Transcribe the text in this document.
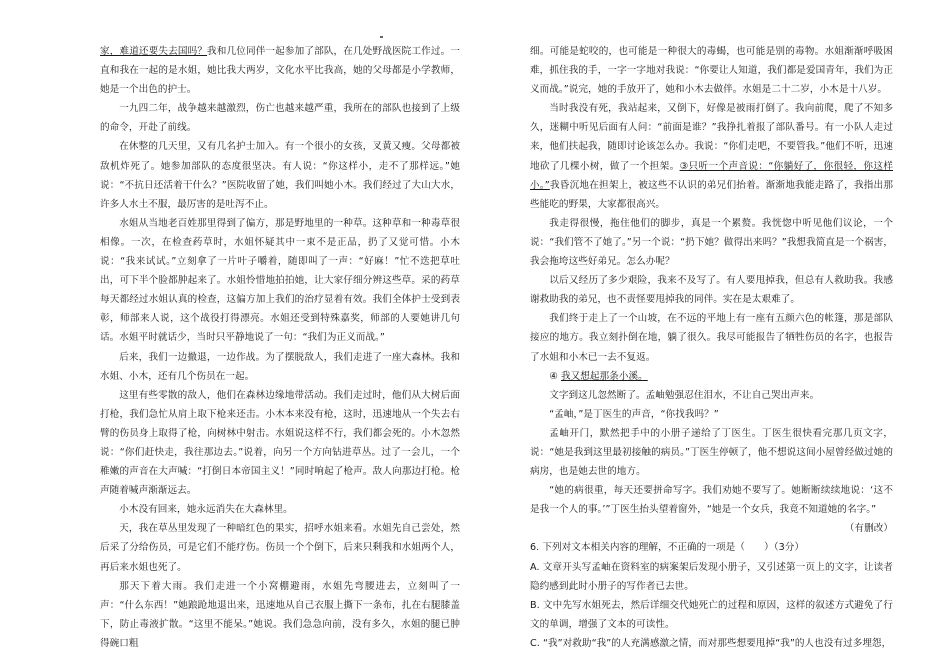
家，难道还要失去国吗？我和几位同伴一起参加了部队，在几处野战医院工作过。一直和我在一起的是水姐，她比我大两岁，文化水平比我高，她的父母都是小学教师，她是一个出色的护士。

一九四二年，战争越来越激烈，伤亡也越来越严重，我所在的部队也接到了上级的命令，开赴了前线。

在休整的几天里，又有几名护士加入。有一个很小的女孩，叉黄又瘦。父母都被敌机炸死了。她参加部队的态度很坚决。有人说：“你这样小，走不了那样远。”她说：“不抗日还活着干什么？”医院收留了她，我们叫她小木。我们经过了大山大水，许多人水土不服，最厉害的是吐泻不止。

水姐从当地老百姓那里得到了偏方，那是野地里的一种草。这种草和一种毒草很相像。一次，在检查药草时，水姐怀疑其中一束不是正品，扔了又觉可惜。小木说：“我来试试。”立刻拿了一片叶子嚼着，随即叫了一声：“好麻！”忙不迭把草吐出，可下半个脸都肿起来了。水姐怜惜地拍拍她，让大家仔细分辨这些草。采的药草每天都经过水姐认真的检查，这偏方加上我们的治疗显着有效。我们全体护士受到表彰，师部来人说，这个战役打得漂亮。水姐还受到特殊嘉奖，师部的人要她讲几句话。水姐平时就话少，当时只平静地说了一句：“我们为正义而战。”

后来，我们一边撤退，一边作战。为了摆脱敌人，我们走进了一座大森林。我和水姐、小木，还有几个伤员在一起。

这里有些零散的敌人，他们在森林边缘地带活动。我们走过时，他们从大树后面打枪，我们急忙从肩上取下枪来还击。小木本来没有枪，这时，迅速地从一个失去右臂的伤员身上取得了枪，向树林中射击。水姐说这样不行，我们都会死的。小木忽然说：“你们赶快走，我往那边去。”说着，向另一个方向钻进草丛。过了一会儿，一个稚嫩的声音在大声喊：“打倒日本帝国主义！”同时响起了枪声。敌人向那边打枪。枪声随着喊声渐渐远去。

小木没有回来，她永远消失在大森林里。

天，我在草丛里发现了一种暗红色的果实，招呼水姐来看。水姐先自己尝处，然后采了分给伤员，可是它们不能疗伤。伤员一个个倒下，后来只剩我和水姐两个人，再后来水姐也死了。

那天下着大雨。我们走进一个小窝棚避雨，水姐先弯腰进去，立刻叫了一声：“什么东西！”她踉跄地退出来，迅速地从自己衣服上撕下一条布，扎在右腿膝盖下，防止毒液扩散。“这里不能呆。”她说。我们急急向前，没有多久，水姐的腿已肿得碗口粗

细。可能是蛇咬的，也可能是一种很大的毒蝎，也可能是别的毒物。水姐渐渐呼吸困难，抓住我的手，一字一字地对我说：“你要让人知道，我们都是爱国青年，我们为正义而战。”说完，她的手放开了，她和小木去做伴。水姐是二十二岁，小木是十八岁。

当时我没有死，我站起来，又倒下，好像是被雨打倒了。我向前爬，爬了不知多久，迷糊中听见后面有人问：“前面是谁？”我挣扎着报了部队番号。有一小队人走过来，他们扶起我，随即讨论该怎么办。我说：“你们走吧，不要管我。”他们不听，迅速地砍了几棵小树，做了一个担架。③只听一个声音说：“你躺好了，你很轻，你这样小。”我昏沉地在担架上，被这些不认识的弟兄们抬着。渐渐地我能走路了，我指出那些能吃的野果，大家都很高兴。

我走得很慢，拖住他们的脚步，真是一个累赘。我恍惚中听见他们议论，一个说：“我们管不了她了。”另一个说：“扔下她？做得出来吗？”我想我简直是一个祸害，我会拖垮这些好弟兄。怎么办呢？

以后又经历了多少艰险，我来不及写了。有人要甩掉我，但总有人救助我。我感谢救助我的弟兄，也不责怪要甩掉我的同伴。实在是太艰难了。

我们终于走上了一个山坡，在不远的平地上有一座有五颜六色的帐篷，那是部队接应的地方。我立刻扑倒在地，躺了很久。我尽可能报告了牺牲伤员的名字，也报告了水姐和小木已一去不复返。

④ 我又想起那条小溪。

文字到这儿忽然断了。孟岫勉强忍住泪水，不让自己哭出声来。

“孟岫，”是丁医生的声音，“你找我吗？”

孟岫开门，默然把手中的小册子递给了丁医生。丁医生很快看完那几页文字，说：“她是我到这里最初接触的病员。”丁医生停顿了，他不想说这间小屋曾经做过她的病房，也是她去世的地方。

“她的病很重，每天还要拼命写字。我们劝她不要写了。她断断续续地说：‘这不是我一个人的事。’”丁医生抬头望着窗外，“她是一个女兵，我竟不知道她的名字。”

（有删改）

6. 下列对文本相关内容的理解，不正确的一项是（　　）（3分）

A. 文章开头写孟岫在资料室的病案架后发现小册子，又引述第一页上的文字，让读者隐约感到此时小册子的写作者已去世。

B. 文中先写水姐死去，然后详细交代她死亡的过程和原因，这样的叙述方式避免了行文的单调，增强了文本的可读性。

C. “我”对救助“我”的人充满感激之情，而对那些想要甩掉“我”的人也没有过多埋怨，
